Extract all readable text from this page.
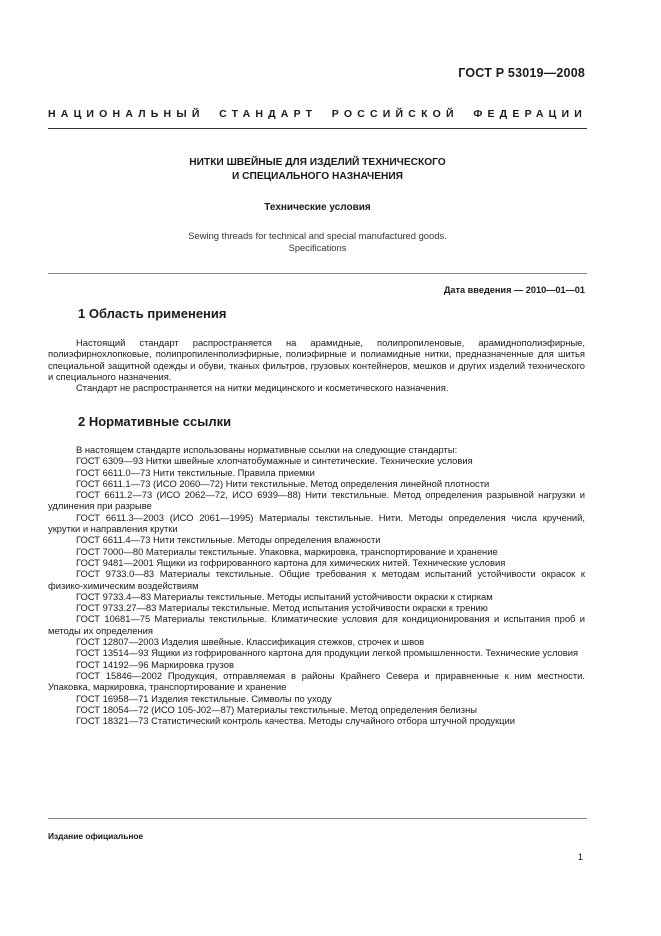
ГОСТ Р 53019—2008
НАЦИОНАЛЬНЫЙ СТАНДАРТ РОССИЙСКОЙ ФЕДЕРАЦИИ
НИТКИ ШВЕЙНЫЕ ДЛЯ ИЗДЕЛИЙ ТЕХНИЧЕСКОГО
И СПЕЦИАЛЬНОГО НАЗНАЧЕНИЯ
Технические условия
Sewing threads for technical and special manufactured goods.
Specifications
Дата введения — 2010—01—01
1 Область применения

Настоящий стандарт распространяется на арамидные, полипропиленовые, арамиднополиэфирные, полиэфирнохлопковые, полипропиленполиэфирные, полиэфирные и полиамидные нитки, предназначенные для шитья специальной защитной одежды и обуви, тканых фильтров, грузовых контейнеров, мешков и других изделий технического и специального назначения.

Стандарт не распространяется на нитки медицинского и косметического назначения.

2 Нормативные ссылки

В настоящем стандарте использованы нормативные ссылки на следующие стандарты:

ГОСТ 6309—93 Нитки швейные хлопчатобумажные и синтетические. Технические условия

ГОСТ 6611.0—73 Нити текстильные. Правила приемки

ГОСТ 6611.1—73 (ИСО 2060—72) Нити текстильные. Метод определения линейной плотности

ГОСТ 6611.2—73 (ИСО 2062—72, ИСО 6939—88) Нити текстильные. Метод определения разрывной нагрузки и удлинения при разрыве

ГОСТ 6611.3—2003 (ИСО 2061—1995) Материалы текстильные. Нити. Методы определения числа кручений, укрутки и направления крутки

ГОСТ 6611.4—73 Нити текстильные. Методы определения влажности

ГОСТ 7000—80 Материалы текстильные. Упаковка, маркировка, транспортирование и хранение

ГОСТ 9481—2001 Ящики из гофрированного картона для химических нитей. Технические условия

ГОСТ 9733.0—83 Материалы текстильные. Общие требования к методам испытаний устойчивости окрасок к физико-химическим воздействиям

ГОСТ 9733.4—83 Материалы текстильные. Методы испытаний устойчивости окраски к стиркам

ГОСТ 9733.27—83 Материалы текстильные. Метод испытания устойчивости окраски к трению

ГОСТ 10681—75 Материалы текстильные. Климатические условия для кондиционирования и испытания проб и методы их определения

ГОСТ 12807—2003 Изделия швейные. Классификация стежков, строчек и швов

ГОСТ 13514—93 Ящики из гофрированного картона для продукции легкой промышленности. Технические условия

ГОСТ 14192—96 Маркировка грузов

ГОСТ 15846—2002 Продукция, отправляемая в районы Крайнего Севера и приравненные к ним местности. Упаковка, маркировка, транспортирование и хранение

ГОСТ 16958—71 Изделия текстильные. Символы по уходу

ГОСТ 18054—72 (ИСО 105-J02—87) Материалы текстильные. Метод определения белизны

ГОСТ 18321—73 Статистический контроль качества. Методы случайного отбора штучной продукции

Издание официальное
1
